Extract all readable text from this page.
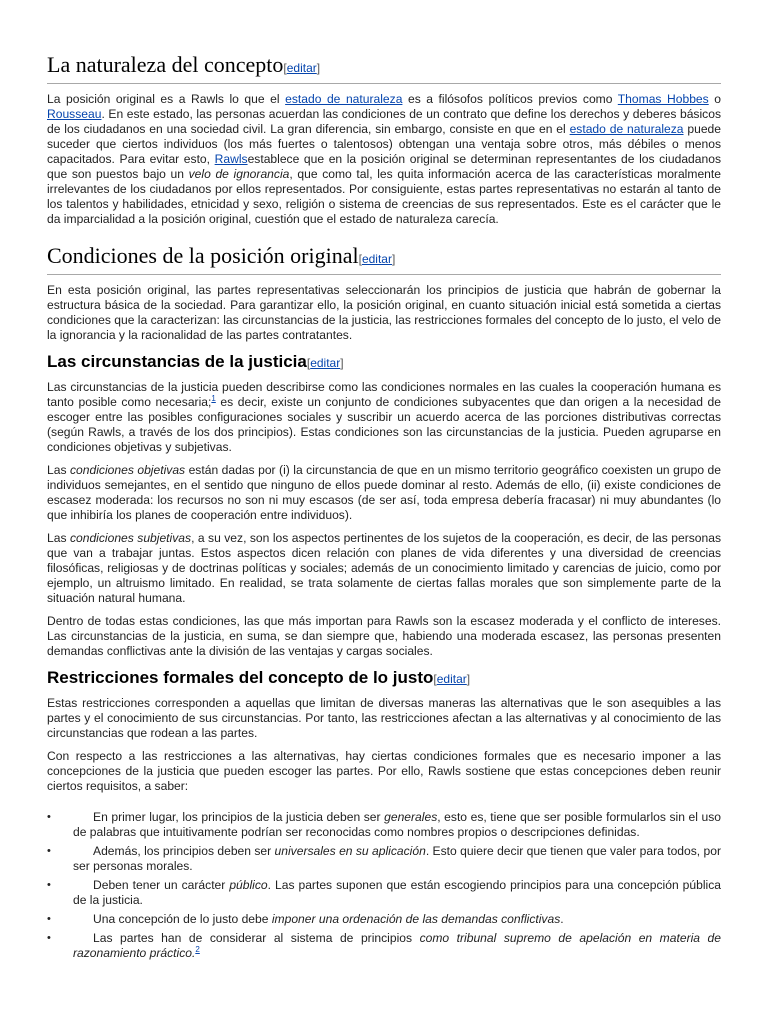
La naturaleza del concepto[editar]

La posición original es a Rawls lo que el estado de naturaleza es a filósofos políticos previos como Thomas Hobbes o Rousseau. En este estado, las personas acuerdan las condiciones de un contrato que define los derechos y deberes básicos de los ciudadanos en una sociedad civil. La gran diferencia, sin embargo, consiste en que en el estado de naturaleza puede suceder que ciertos individuos (los más fuertes o talentosos) obtengan una ventaja sobre otros, más débiles o menos capacitados. Para evitar esto, Rawlsestablece que en la posición original se determinan representantes de los ciudadanos que son puestos bajo un velo de ignorancia, que como tal, les quita información acerca de las características moralmente irrelevantes de los ciudadanos por ellos representados. Por consiguiente, estas partes representativas no estarán al tanto de los talentos y habilidades, etnicidad y sexo, religión o sistema de creencias de sus representados. Este es el carácter que le da imparcialidad a la posición original, cuestión que el estado de naturaleza carecía.

Condiciones de la posición original[editar]

En esta posición original, las partes representativas seleccionarán los principios de justicia que habrán de gobernar la estructura básica de la sociedad. Para garantizar ello, la posición original, en cuanto situación inicial está sometida a ciertas condiciones que la caracterizan: las circunstancias de la justicia, las restricciones formales del concepto de lo justo, el velo de la ignorancia y la racionalidad de las partes contratantes.

Las circunstancias de la justicia[editar]

Las circunstancias de la justicia pueden describirse como las condiciones normales en las cuales la cooperación humana es tanto posible como necesaria;$^1$ es decir, existe un conjunto de condiciones subyacentes que dan origen a la necesidad de escoger entre las posibles configuraciones sociales y suscribir un acuerdo acerca de las porciones distributivas correctas (según Rawls, a través de los dos principios). Estas condiciones son las circunstancias de la justicia. Pueden agruparse en condiciones objetivas y subjetivas.

Las condiciones objetivas están dadas por (i) la circunstancia de que en un mismo territorio geográfico coexisten un grupo de individuos semejantes, en el sentido que ninguno de ellos puede dominar al resto. Además de ello, (ii) existe condiciones de escasez moderada: los recursos no son ni muy escasos (de ser así, toda empresa debería fracasar) ni muy abundantes (lo que inhibiría los planes de cooperación entre individuos).

Las condiciones subjetivas, a su vez, son los aspectos pertinentes de los sujetos de la cooperación, es decir, de las personas que van a trabajar juntas. Estos aspectos dicen relación con planes de vida diferentes y una diversidad de creencias filosóficas, religiosas y de doctrinas políticas y sociales; además de un conocimiento limitado y carencias de juicio, como por ejemplo, un altruismo limitado. En realidad, se trata solamente de ciertas fallas morales que son simplemente parte de la situación natural humana.

Dentro de todas estas condiciones, las que más importan para Rawls son la escasez moderada y el conflicto de intereses. Las circunstancias de la justicia, en suma, se dan siempre que, habiendo una moderada escasez, las personas presenten demandas conflictivas ante la división de las ventajas y cargas sociales.

Restricciones formales del concepto de lo justo[editar]

Estas restricciones corresponden a aquellas que limitan de diversas maneras las alternativas que le son asequibles a las partes y el conocimiento de sus circunstancias. Por tanto, las restricciones afectan a las alternativas y al conocimiento de las circunstancias que rodean a las partes.

Con respecto a las restricciones a las alternativas, hay ciertas condiciones formales que es necesario imponer a las concepciones de la justicia que pueden escoger las partes. Por ello, Rawls sostiene que estas concepciones deben reunir ciertos requisitos, a saber:

•	En primer lugar, los principios de la justicia deben ser generales, esto es, tiene que ser posible formularlos sin el uso de palabras que intuitivamente podrían ser reconocidas como nombres propios o descripciones definidas.
•	Además, los principios deben ser universales en su aplicación. Esto quiere decir que tienen que valer para todos, por ser personas morales.
•	Deben tener un carácter público. Las partes suponen que están escogiendo principios para una concepción pública de la justicia.
•	Una concepción de lo justo debe imponer una ordenación de las demandas conflictivas.
•	Las partes han de considerar al sistema de principios como tribunal supremo de apelación en materia de razonamiento práctico.$^2$
